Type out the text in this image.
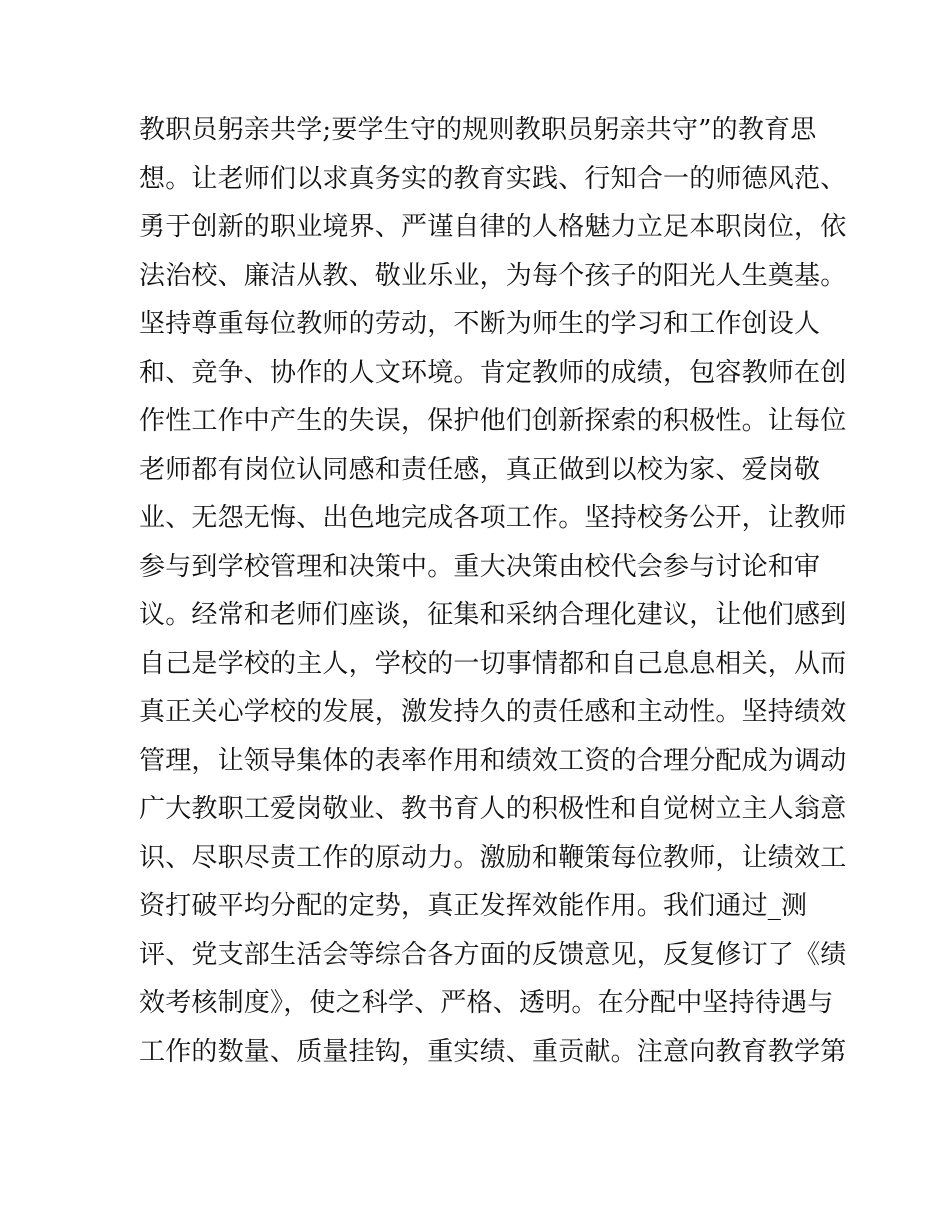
教职员躬亲共学;要学生守的规则教职员躬亲共守”的教育思
想。让老师们以求真务实的教育实践、行知合一的师德风范、
勇于创新的职业境界、严谨自律的人格魅力立足本职岗位，依
法治校、廉洁从教、敬业乐业，为每个孩子的阳光人生奠基。
坚持尊重每位教师的劳动，不断为师生的学习和工作创设人
和、竞争、协作的人文环境。肯定教师的成绩，包容教师在创
作性工作中产生的失误，保护他们创新探索的积极性。让每位
老师都有岗位认同感和责任感，真正做到以校为家、爱岗敬
业、无怨无悔、出色地完成各项工作。坚持校务公开，让教师
参与到学校管理和决策中。重大决策由校代会参与讨论和审
议。经常和老师们座谈，征集和采纳合理化建议，让他们感到
自己是学校的主人，学校的一切事情都和自己息息相关，从而
真正关心学校的发展，激发持久的责任感和主动性。坚持绩效
管理，让领导集体的表率作用和绩效工资的合理分配成为调动
广大教职工爱岗敬业、教书育人的积极性和自觉树立主人翁意
识、尽职尽责工作的原动力。激励和鞭策每位教师，让绩效工
资打破平均分配的定势，真正发挥效能作用。我们通过_测
评、党支部生活会等综合各方面的反馈意见，反复修订了《绩
效考核制度》，使之科学、严格、透明。在分配中坚持待遇与
工作的数量、质量挂钩，重实绩、重贡献。注意向教育教学第
